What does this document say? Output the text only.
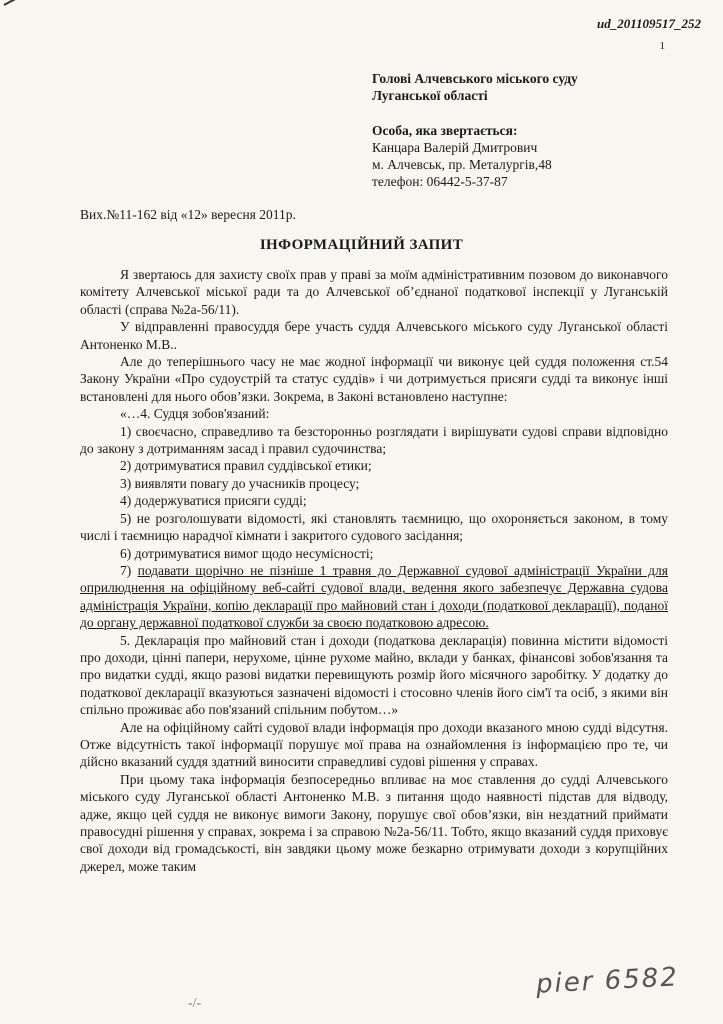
ud_201109517_252
1
Голові Алчевського міського суду
Луганської області
Особа, яка звертається:
Канцара Валерій Дмитрович
м. Алчевськ, пр. Металургів,48
телефон: 06442-5-37-87
Вих.№11-162 від «12» вересня 2011р.
ІНФОРМАЦІЙНИЙ ЗАПИТ

Я звертаюсь для захисту своїх прав у праві за моїм адміністративним позовом до виконавчого комітету Алчевської міської ради та до Алчевської об’єднаної податкової інспекції у Луганській області (справа №2а-56/11).

У відправленні правосуддя бере участь суддя Алчевського міського суду Луганської області Антоненко М.В..

Але до теперішнього часу не має жодної інформації чи виконує цей суддя положення ст.54 Закону України «Про судоустрій та статус суддів» і чи дотримується присяги судді та виконує інші встановлені для нього обов’язки. Зокрема, в Законі встановлено наступне:

«…4. Судця зобов'язаний:

1) своєчасно, справедливо та безсторонньо розглядати і вирішувати судові справи відповідно до закону з дотриманням засад і правил судочинства;

2) дотримуватися правил суддівської етики;

3) виявляти повагу до учасників процесу;

4) додержуватися присяги судді;

5) не розголошувати відомості, які становлять таємницю, що охороняється законом, в тому числі і таємницю нарадчої кімнати і закритого судового засідання;

6) дотримуватися вимог щодо несумісності;

7) подавати щорічно не пізніше 1 травня до Державної судової адміністрації України для оприлюднення на офіційному веб-сайті судової влади, ведення якого забезпечує Державна судова адміністрація України, копію декларації про майновий стан і доходи (податкової декларації), поданої до органу державної податкової служби за своєю податковою адресою.

5. Декларація про майновий стан і доходи (податкова декларація) повинна містити відомості про доходи, цінні папери, нерухоме, цінне рухоме майно, вклади у банках, фінансові зобов'язання та про видатки судді, якщо разові видатки перевищують розмір його місячного заробітку. У додатку до податкової декларації вказуються зазначені відомості і стосовно членів його сім'ї та осіб, з якими він спільно проживає або пов'язаний спільним побутом…»

Але на офіційному сайті судової влади інформація про доходи вказаного мною судді відсутня. Отже відсутність такої інформації порушує мої права на ознайомлення із інформацією про те, чи дійсно вказаний суддя здатний виносити справедливі судові рішення у справах.

При цьому така інформація безпосередньо впливає на моє ставлення до судді Алчевського міського суду Луганської області Антоненко М.В. з питання щодо наявності підстав для відводу, адже, якщо цей суддя не виконує вимоги Закону, порушує свої обов’язки, він нездатний приймати правосудні рішення у справах, зокрема і за справою №2а-56/11. Тобто, якщо вказаний суддя приховує свої доходи від громадськості, він завдяки цьому може безкарно отримувати доходи з корупційних джерел, може таким

-/-
pier 6582
